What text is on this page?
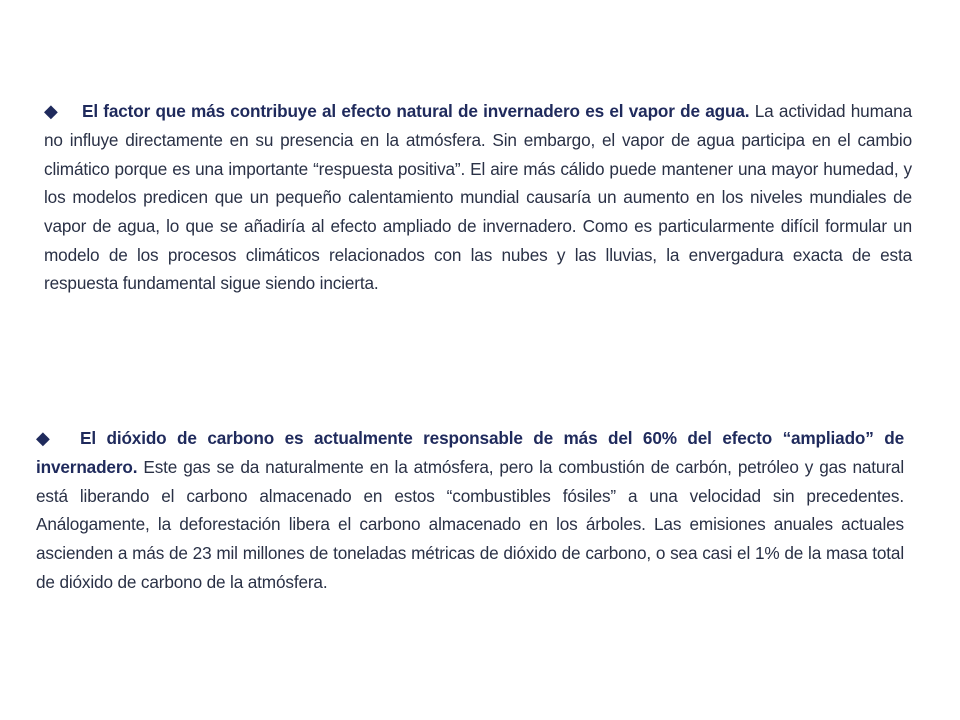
◆ El factor que más contribuye al efecto natural de invernadero es el vapor de agua. La actividad humana no influye directamente en su presencia en la atmósfera. Sin embargo, el vapor de agua participa en el cambio climático porque es una importante “respuesta positiva”. El aire más cálido puede mantener una mayor humedad, y los modelos predicen que un pequeño calentamiento mundial causaría un aumento en los niveles mundiales de vapor de agua, lo que se añadiría al efecto ampliado de invernadero. Como es particularmente difícil formular un modelo de los procesos climáticos relacionados con las nubes y las lluvias, la envergadura exacta de esta respuesta fundamental sigue siendo incierta.

◆ El dióxido de carbono es actualmente responsable de más del 60% del efecto “ampliado” de invernadero. Este gas se da naturalmente en la atmósfera, pero la combustión de carbón, petróleo y gas natural está liberando el carbono almacenado en estos “combustibles fósiles” a una velocidad sin precedentes. Análogamente, la deforestación libera el carbono almacenado en los árboles. Las emisiones anuales actuales ascienden a más de 23 mil millones de toneladas métricas de dióxido de carbono, o sea casi el 1% de la masa total de dióxido de carbono de la atmósfera.
